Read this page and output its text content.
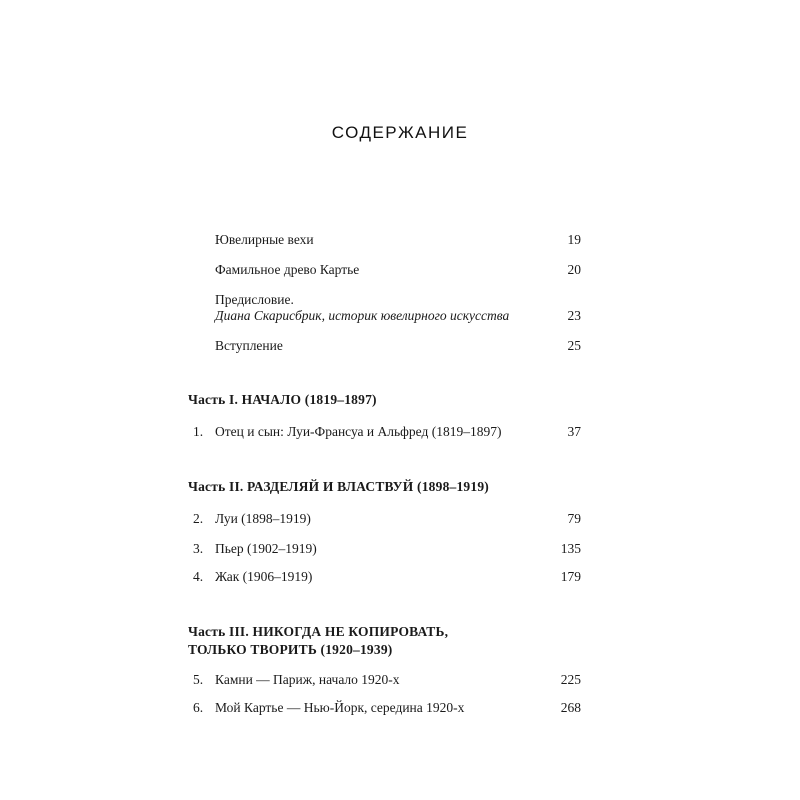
СОДЕРЖАНИЕ
Ювелирные вехи	19
Фамильное древо Картье	20
Предисловие.
Диана Скарисбрик, историк ювелирного искусства	23
Вступление	25
Часть I. НАЧАЛО (1819–1897)
1. Отец и сын: Луи-Франсуа и Альфред (1819–1897)	37
Часть II. РАЗДЕЛЯЙ И ВЛАСТВУЙ (1898–1919)
2. Луи (1898–1919)	79
3. Пьер (1902–1919)	135
4. Жак (1906–1919)	179
Часть III. НИКОГДА НЕ КОПИРОВАТЬ,
ТОЛЬКО ТВОРИТЬ (1920–1939)
5. Камни — Париж, начало 1920-х	225
6. Мой Картье — Нью-Йорк, середина 1920-х	268
